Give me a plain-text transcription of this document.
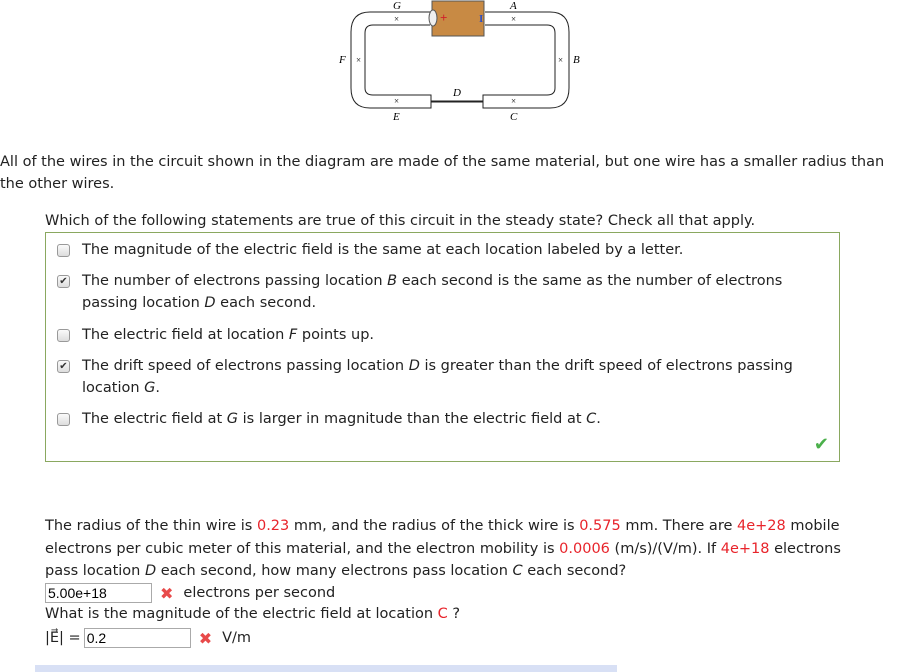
+	I
G	A
B
F
D
E	C
×	×
×	×
×	×
All of the wires in the circuit shown in the diagram are made of the same material, but one wire has a smaller radius than the other wires.
Which of the following statements are true of this circuit in the steady state? Check all that apply.
The magnitude of the electric field is the same at each location labeled by a letter.
✔ The number of electrons passing location B each second is the same as the number of electrons passing location D each second.
The electric field at location F points up.
✔ The drift speed of electrons passing location D is greater than the drift speed of electrons passing location G.
The electric field at G is larger in magnitude than the electric field at C.
✔
The radius of the thin wire is 0.23 mm, and the radius of the thick wire is 0.575 mm. There are 4e+28 mobile electrons per cubic meter of this material, and the electron mobility is 0.0006 (m/s)/(V/m). If 4e+18 electrons pass location D each second, how many electrons pass location C each second?
5.00e+18
✖ electrons per second
What is the magnitude of the electric field at location C ?
|E⃗| =
0.2	✖ V/m
